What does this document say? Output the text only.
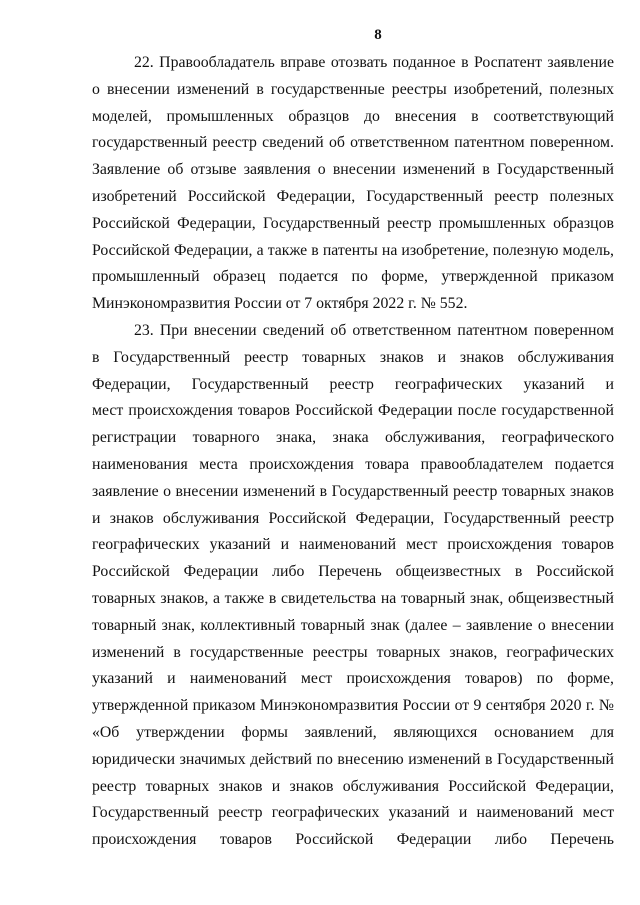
8
22. Правообладатель вправе отозвать поданное в Роспатент заявление
о внесении изменений в государственные реестры изобретений, полезных
моделей, промышленных образцов до внесения в соответствующий
государственный реестр сведений об ответственном патентном поверенном.
Заявление об отзыве заявления о внесении изменений в Государственный
изобретений Российской Федерации, Государственный реестр полезных
Российской Федерации, Государственный реестр промышленных образцов
Российской Федерации, а также в патенты на изобретение, полезную модель,
промышленный образец подается по форме, утвержденной приказом
Минэкономразвития России от 7 октября 2022 г. № 552.
23. При внесении сведений об ответственном патентном поверенном
в Государственный реестр товарных знаков и знаков обслуживания
Федерации, Государственный реестр географических указаний и
мест происхождения товаров Российской Федерации после государственной
регистрации товарного знака, знака обслуживания, географического
наименования места происхождения товара правообладателем подается
заявление о внесении изменений в Государственный реестр товарных знаков
и знаков обслуживания Российской Федерации, Государственный реестр
географических указаний и наименований мест происхождения товаров
Российской Федерации либо Перечень общеизвестных в Российской
товарных знаков, а также в свидетельства на товарный знак, общеизвестный
товарный знак, коллективный товарный знак (далее – заявление о внесении
изменений в государственные реестры товарных знаков, географических
указаний и наименований мест происхождения товаров) по форме,
утвержденной приказом Минэкономразвития России от 9 сентября 2020 г. №
«Об утверждении формы заявлений, являющихся основанием для
юридически значимых действий по внесению изменений в Государственный
реестр товарных знаков и знаков обслуживания Российской Федерации,
Государственный реестр географических указаний и наименований мест
происхождения товаров Российской Федерации либо Перечень
